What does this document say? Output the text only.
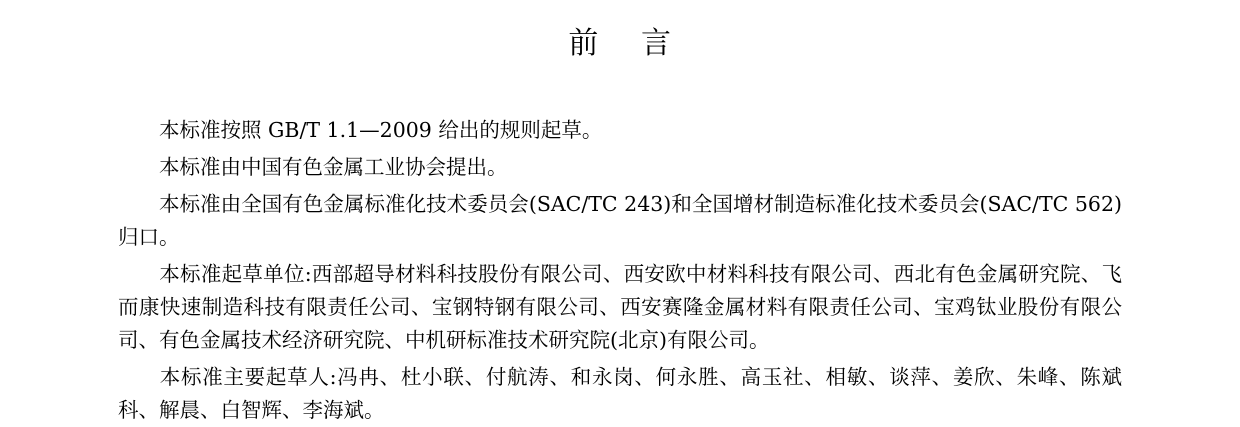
前 言

本标准按照 GB/T 1.1—2009 给出的规则起草。

本标准由中国有色金属工业协会提出。

本标准由全国有色金属标准化技术委员会(SAC/TC 243)和全国增材制造标准化技术委员会(SAC/TC 562)归口。

本标准起草单位:西部超导材料科技股份有限公司、西安欧中材料科技有限公司、西北有色金属研究院、飞而康快速制造科技有限责任公司、宝钢特钢有限公司、西安赛隆金属材料有限责任公司、宝鸡钛业股份有限公司、有色金属技术经济研究院、中机研标准技术研究院(北京)有限公司。

本标准主要起草人:冯冉、杜小联、付航涛、和永岗、何永胜、高玉社、相敏、谈萍、姜欣、朱峰、陈斌科、解晨、白智辉、李海斌。
